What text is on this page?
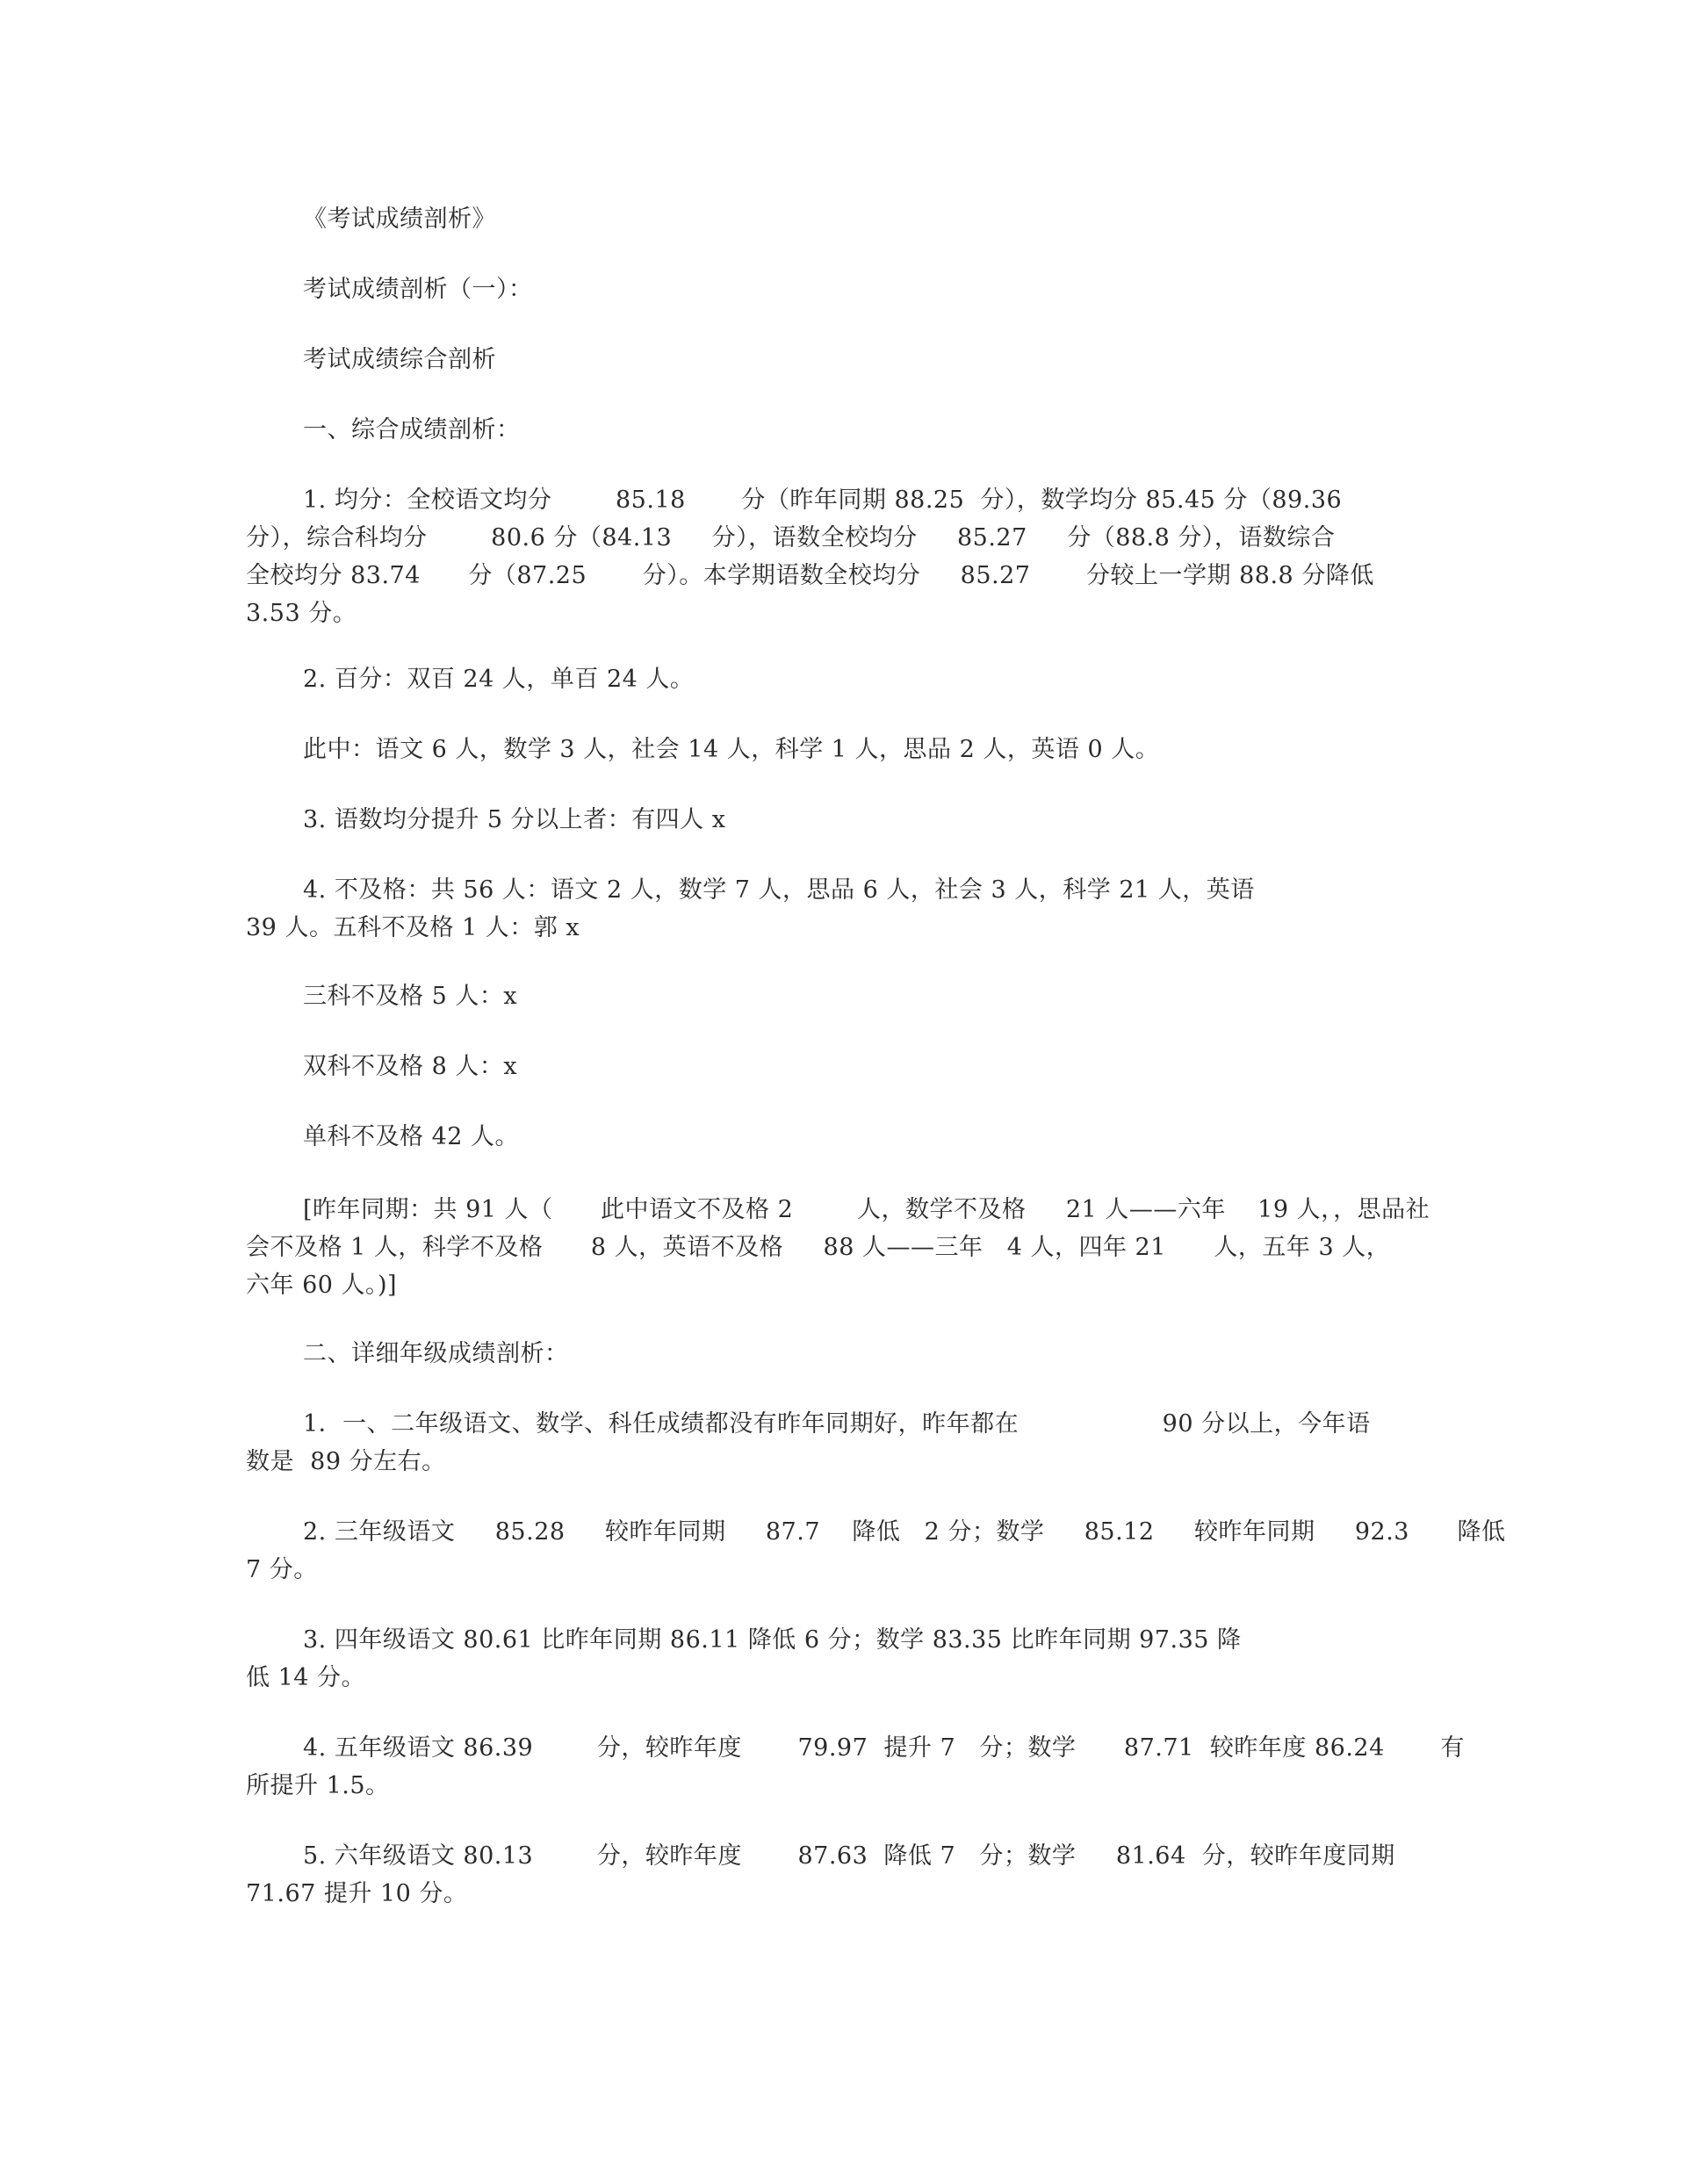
《考试成绩剖析》
考试成绩剖析（一）：
考试成绩综合剖析
一、综合成绩剖析：
1. 均分：全校语文均分        85.18       分（昨年同期 88.25  分），数学均分 85.45 分（89.36
分），综合科均分        80.6 分（84.13     分），语数全校均分     85.27     分（88.8 分），语数综合
全校均分 83.74      分（87.25       分）。本学期语数全校均分     85.27       分较上一学期 88.8 分降低
3.53 分。
2. 百分：双百 24 人，单百 24 人。
此中：语文 6 人，数学 3 人，社会 14 人，科学 1 人，思品 2 人，英语 0 人。
3. 语数均分提升 5 分以上者：有四人 x
4. 不及格：共 56 人：语文 2 人，数学 7 人，思品 6 人，社会 3 人，科学 21 人，英语
39 人。五科不及格 1 人：郭 x
三科不及格 5 人：x
双科不及格 8 人：x
单科不及格 42 人。
[昨年同期：共 91 人（      此中语文不及格 2        人，数学不及格     21 人——六年    19 人，，思品社
会不及格 1 人，科学不及格      8 人，英语不及格     88 人——三年   4 人，四年 21      人，五年 3 人，
六年 60 人。)]
二、详细年级成绩剖析：
1．一、二年级语文、数学、科任成绩都没有昨年同期好，昨年都在                  90 分以上，今年语
数是  89 分左右。
2. 三年级语文     85.28     较昨年同期     87.7    降低   2 分；数学     85.12     较昨年同期     92.3      降低
7 分。
3. 四年级语文 80.61 比昨年同期 86.11 降低 6 分；数学 83.35 比昨年同期 97.35 降
低 14 分。
4. 五年级语文 86.39        分，较昨年度       79.97  提升 7   分；数学      87.71  较昨年度 86.24       有
所提升 1.5。
5. 六年级语文 80.13        分，较昨年度       87.63  降低 7   分；数学     81.64  分，较昨年度同期
71.67 提升 10 分。
